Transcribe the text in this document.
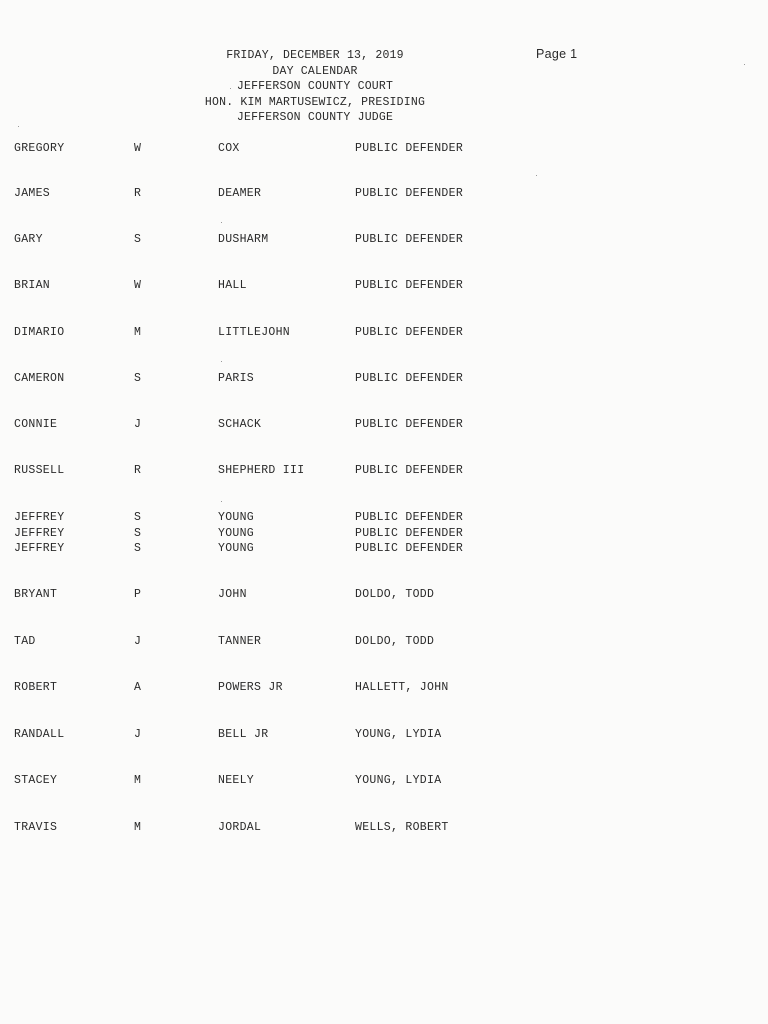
FRIDAY, DECEMBER 13, 2019
DAY CALENDAR
JEFFERSON COUNTY COURT
HON. KIM MARTUSEWICZ, PRESIDING
JEFFERSON COUNTY JUDGE
Page 1
GREGORY	W	COX	PUBLIC DEFENDER
JAMES	R	DEAMER	PUBLIC DEFENDER
GARY	S	DUSHARM	PUBLIC DEFENDER
BRIAN	W	HALL	PUBLIC DEFENDER
DIMARIO	M	LITTLEJOHN	PUBLIC DEFENDER
CAMERON	S	PARIS	PUBLIC DEFENDER
CONNIE	J	SCHACK	PUBLIC DEFENDER
RUSSELL	R	SHEPHERD III	PUBLIC DEFENDER
JEFFREY	S	YOUNG	PUBLIC DEFENDER
JEFFREY	S	YOUNG	PUBLIC DEFENDER
JEFFREY	S	YOUNG	PUBLIC DEFENDER
BRYANT	P	JOHN	DOLDO, TODD
TAD	J	TANNER	DOLDO, TODD
ROBERT	A	POWERS JR	HALLETT, JOHN
RANDALL	J	BELL JR	YOUNG, LYDIA
STACEY	M	NEELY	YOUNG, LYDIA
TRAVIS	M	JORDAL	WELLS, ROBERT
